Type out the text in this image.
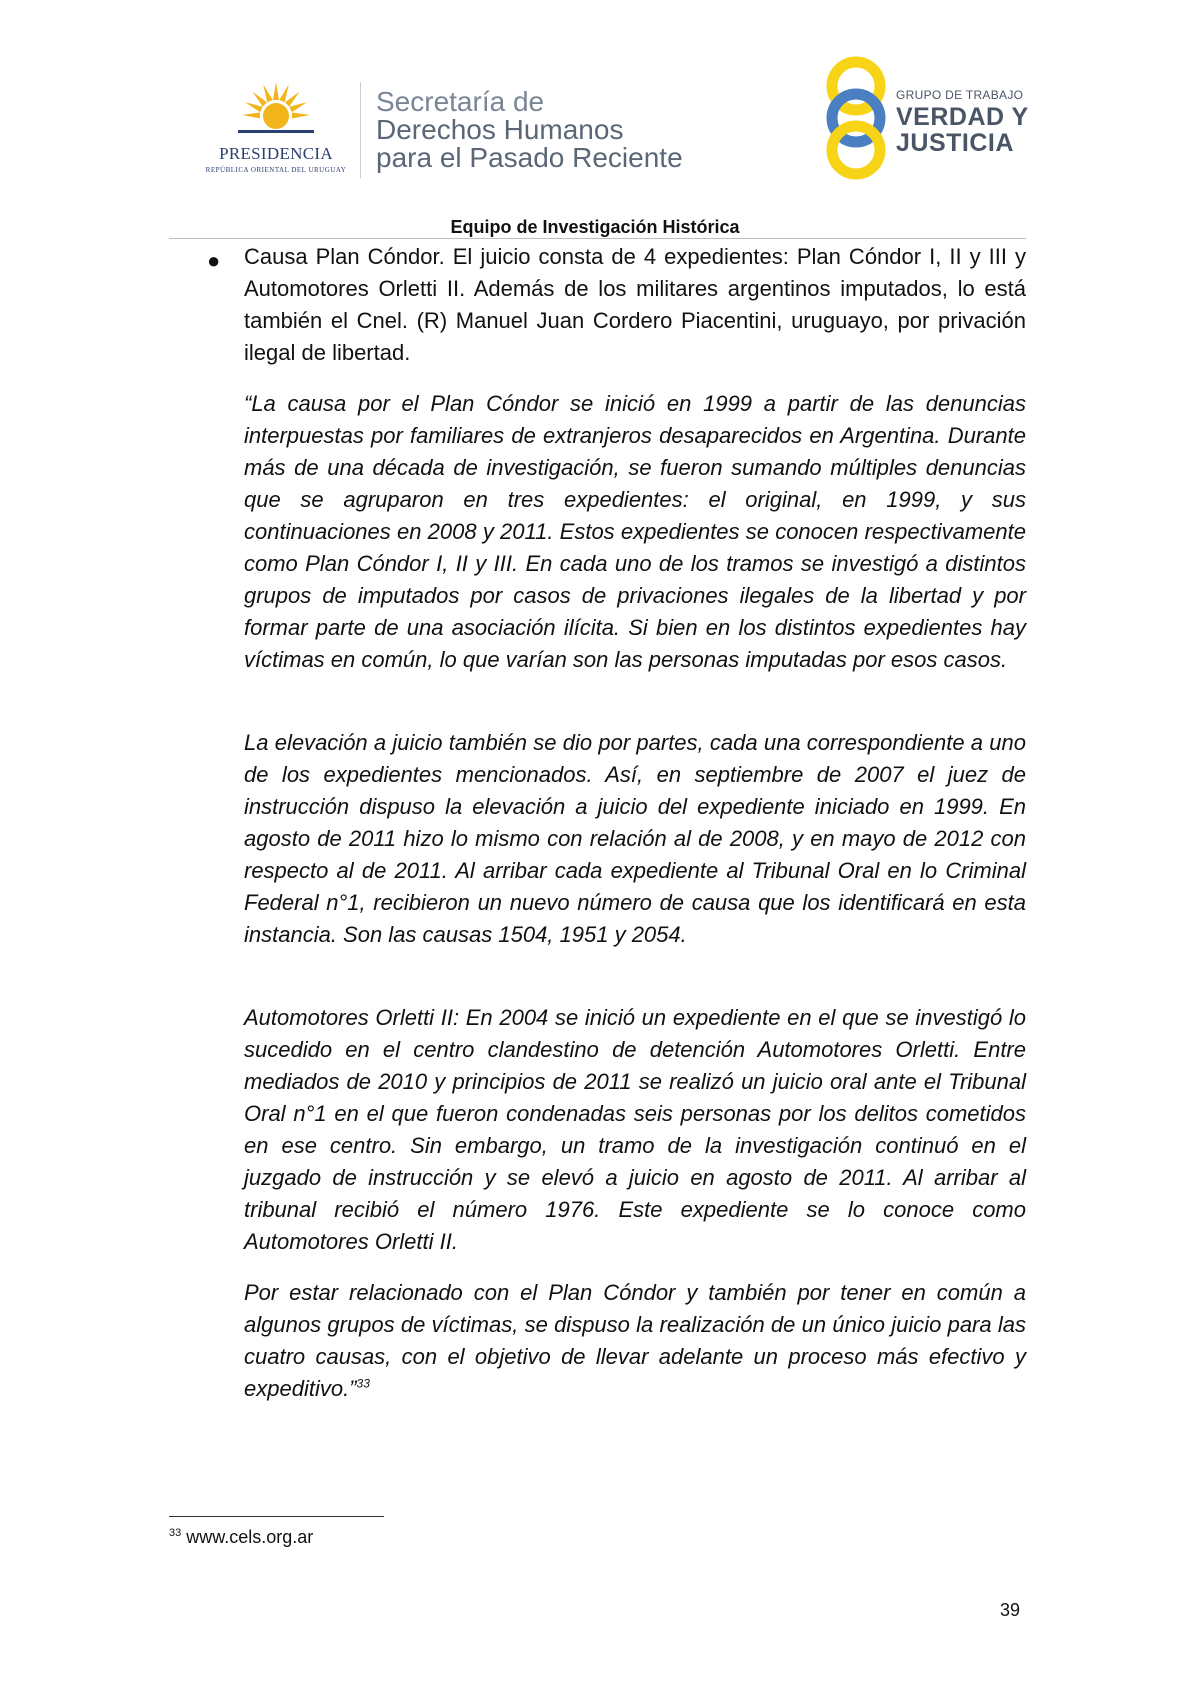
PRESIDENCIA
REPÚBLICA ORIENTAL DEL URUGUAY
Secretaría de
Derechos Humanos
para el Pasado Reciente
GRUPO DE TRABAJO
VERDAD Y
JUSTICIA
Equipo de Investigación Histórica
● Causa Plan Cóndor. El juicio consta de 4 expedientes: Plan Cóndor I, II y III y Automotores Orletti II. Además de los militares argentinos imputados, lo está también el Cnel. (R) Manuel Juan Cordero Piacentini, uruguayo, por privación ilegal de libertad.
“La causa por el Plan Cóndor se inició en 1999 a partir de las denuncias interpuestas por familiares de extranjeros desaparecidos en Argentina. Durante más de una década de investigación, se fueron sumando múltiples denuncias que se agruparon en tres expedientes: el original, en 1999, y sus continuaciones en 2008 y 2011. Estos expedientes se conocen respectivamente como Plan Cóndor I, II y III. En cada uno de los tramos se investigó a distintos grupos de imputados por casos de privaciones ilegales de la libertad y por formar parte de una asociación ilícita. Si bien en los distintos expedientes hay víctimas en común, lo que varían son las personas imputadas por esos casos.
La elevación a juicio también se dio por partes, cada una correspondiente a uno de los expedientes mencionados. Así, en septiembre de 2007 el juez de instrucción dispuso la elevación a juicio del expediente iniciado en 1999. En agosto de 2011 hizo lo mismo con relación al de 2008, y en mayo de 2012 con respecto al de 2011. Al arribar cada expediente al Tribunal Oral en lo Criminal Federal n°1, recibieron un nuevo número de causa que los identificará en esta instancia. Son las causas 1504, 1951 y 2054.
Automotores Orletti II: En 2004 se inició un expediente en el que se investigó lo sucedido en el centro clandestino de detención Automotores Orletti. Entre mediados de 2010 y principios de 2011 se realizó un juicio oral ante el Tribunal Oral n°1 en el que fueron condenadas seis personas por los delitos cometidos en ese centro. Sin embargo, un tramo de la investigación continuó en el juzgado de instrucción y se elevó a juicio en agosto de 2011. Al arribar al tribunal recibió el número 1976. Este expediente se lo conoce como Automotores Orletti II.
Por estar relacionado con el Plan Cóndor y también por tener en común a algunos grupos de víctimas, se dispuso la realización de un único juicio para las cuatro causas, con el objetivo de llevar adelante un proceso más efectivo y expeditivo.”$^{33}$
$^{33}$ www.cels.org.ar
39
